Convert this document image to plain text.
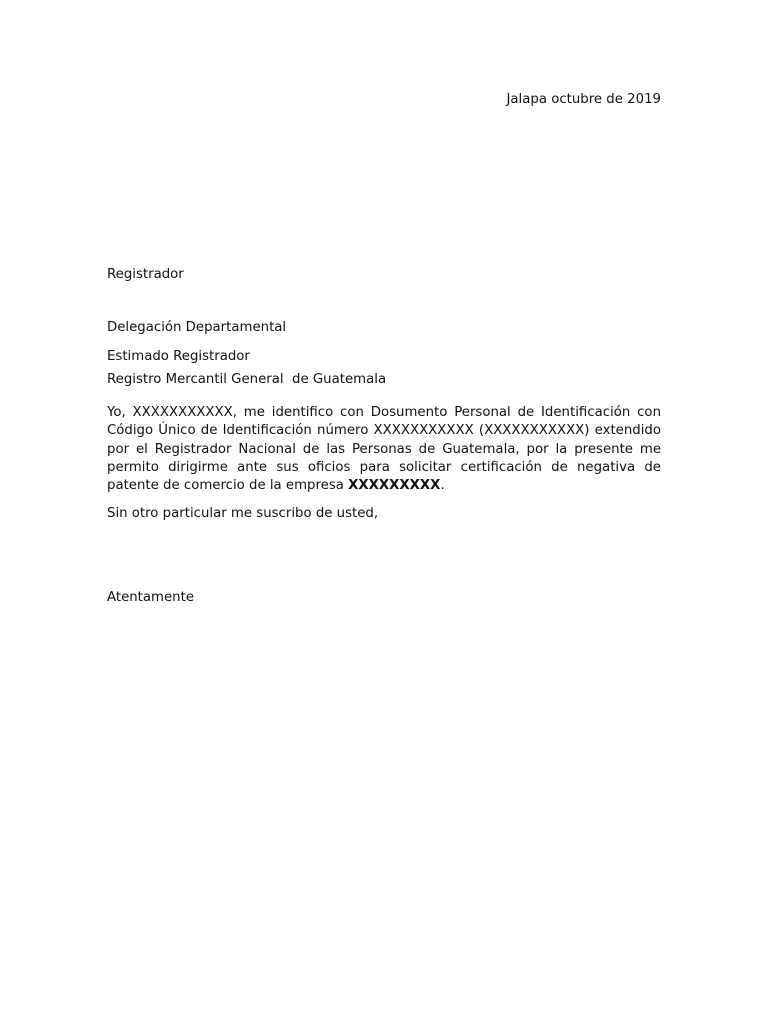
Jalapa octubre de 2019

Registrador

Delegación Departamental

Registro Mercantil General  de Guatemala

Estimado Registrador
Yo, XXXXXXXXXXX, me identifico con Dosumento Personal de Identificación con Código Único de Identificación número XXXXXXXXXXX (XXXXXXXXXXX) extendido por el Registrador Nacional de las Personas de Guatemala, por la presente me permito dirigirme ante sus oficios para solicitar certificación de negativa de patente de comercio de la empresa XXXXXXXXX.
Sin otro particular me suscribo de usted,
Atentamente
